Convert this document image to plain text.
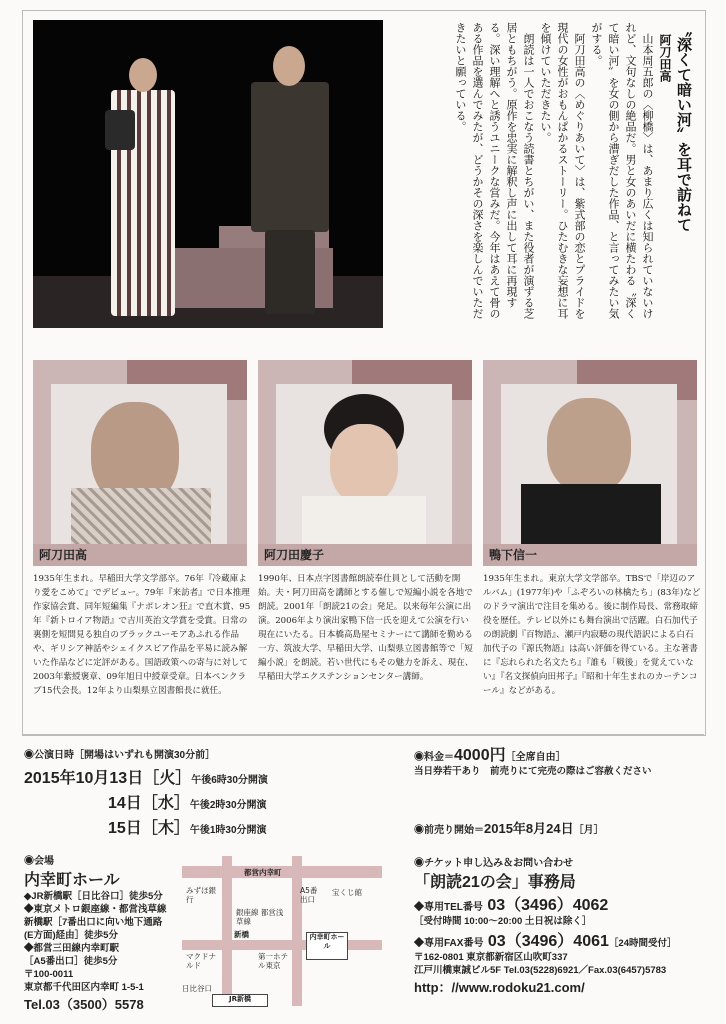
〝深くて暗い河〟を耳で訪ねて
阿刀田高

山本周五郎の〈柳橋〉は、あまり広くは知られていないけれど、文句なしの絶品だ。男と女のあいだに横たわる〝深くて暗い河〟を女の側から漕ぎだした作品、と言ってみたい気がする。

阿刀田高の〈めぐりあいて〉は、紫式部の恋とプライドを現代の女性がおもんぱかるストーリー。ひたむきな妄想に耳を傾けていただきたい。

朗読は一人でおこなう読書とちがい、また役者が演ずる芝居ともちがう。原作を忠実に解釈し声に出して耳に再現する。深い理解へと誘うユニークな営みだ。今年はあえて骨のある作品を選んでみたが、どうかその深さを楽しんでいただきたいと願っている。

阿刀田高
1935年生まれ。早稲田大学文学部卒。76年『冷蔵庫より愛をこめて』でデビュー。79年『来訪者』で日本推理作家協会賞、同年短編集『ナポレオン狂』で直木賞、95年『新トロイア物語』で吉川英治文学賞を受賞。日常の裏側を短間見る独自のブラックユーモアあふれる作品や、ギリシア神話やシェイクスピア作品を平易に読み解いた作品などに定評がある。国語政策への寄与に対して2003年紫綬褒章、09年旭日中綬章受章。日本ペンクラブ15代会長。12年より山梨県立図書館長に就任。
阿刀田慶子
1990年、日本点字図書館朗読奉仕員として活動を開始。夫・阿刀田高を講師とする催しで短編小説を各地で朗読。2001年「朗読21の会」発足。以来毎年公演に出演。2006年より演出家鴨下信一氏を迎えて公演を行い現在にいたる。日本橋高島屋セミナーにて講師を勤める一方、筑波大学、早稲田大学、山梨県立図書館等で「短編小説」を朗読。若い世代にもその魅力を訴え、現在、早稲田大学エクステンションセンター講師。
鴨下信一
1935年生まれ。東京大学文学部卒。TBSで「岸辺のアルバム」(1977年)や「ふぞろいの林檎たち」(83年)などのドラマ演出で注目を集める。後に制作局長、常務取締役を歴任。テレビ以外にも舞台演出で活躍。白石加代子の朗読劇『百物語』、瀬戸内寂聴の現代語訳による白石加代子の『源氏物語』は高い評価を得ている。主な著書に『忘れられた名文たち』『誰も「戦後」を覚えていない』『名文探偵向田邦子』『昭和十年生まれのカーテンコール』などがある。
◉公演日時［開場はいずれも開演30分前］
2015年10月13日［火］午後6時30分開演
14日［水］午後2時30分開演
15日［木］午後1時30分開演
◉会場
内幸町ホール
◆JR新橋駅［日比谷口］徒歩5分
◆東京メトロ銀座線・都営浅草線
新橋駅［7番出口に向い地下通路
(E方面)経由］徒歩5分
◆都営三田線内幸町駅
［A5番出口］徒歩5分
〒100-0011
東京都千代田区内幸町 1-5-1
Tel.03（3500）5578
都営内幸町
A5番出口
みずほ銀行
宝くじ館
銀座線 都営浅草線
新橋
マクドナルド
第一ホテル東京
内幸町ホール
日比谷口
JR新橋
◉料金＝4000円［全席自由］
当日券若干あり　前売りにて完売の際はご容赦ください
◉前売り開始＝2015年8月24日［月］
◉チケット申し込み＆お問い合わせ
「朗読21の会」事務局
◆専用TEL番号 03（3496）4062
［受付時間 10:00〜20:00 土日祝は除く］
◆専用FAX番号 03（3496）4061［24時間受付］
〒162-0801 東京都新宿区山吹町337
江戸川橋東誠ビル5F Tel.03(5228)6921／Fax.03(6457)5783
http：//www.rodoku21.com/
